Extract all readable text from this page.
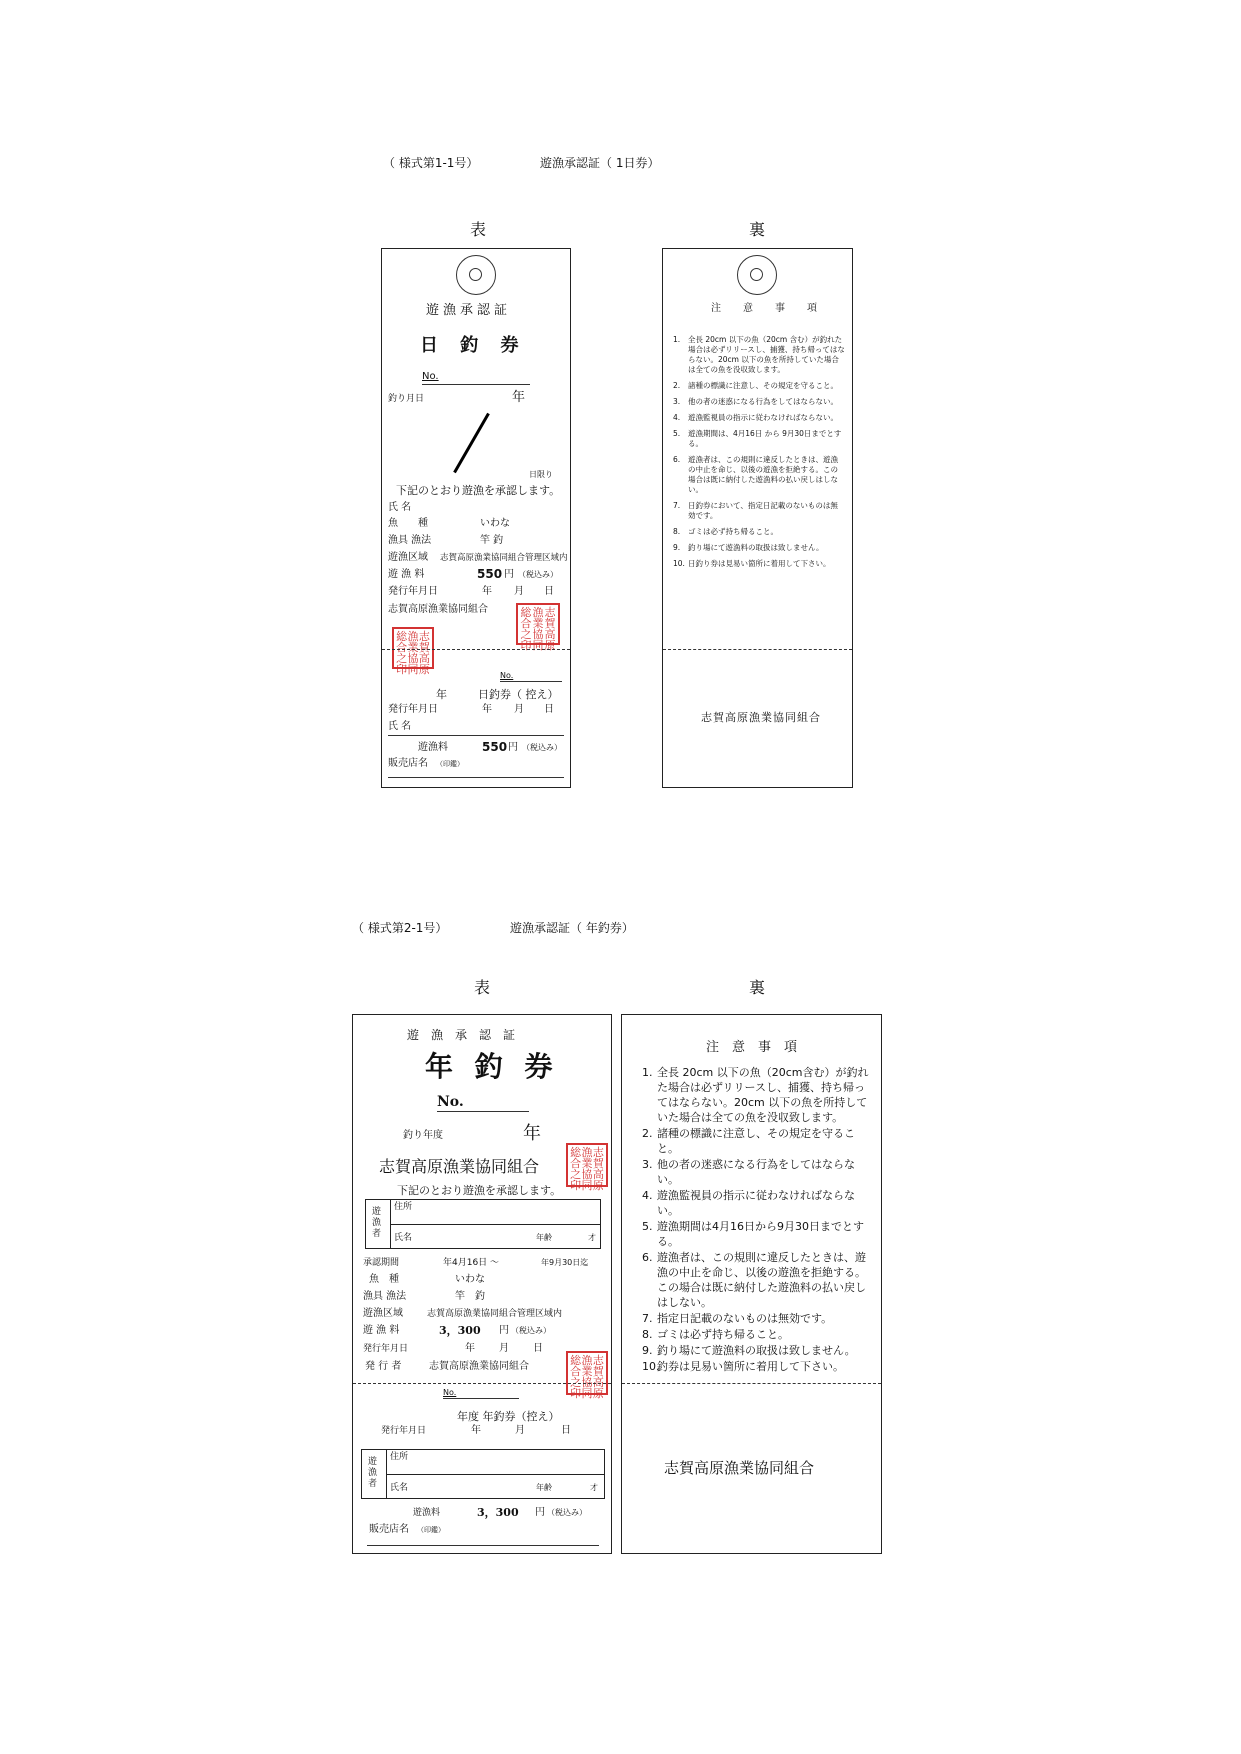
（ 様式第1-1号）	遊漁承認証（ 1日券）
表	裏
遊漁承認証
日 釣 券
No.
釣り月日	年
日限り
下記のとおり遊漁を承認します。
氏 名
魚　　種	いわな
漁具 漁法	竿 釣
遊漁区域 志賀高原漁業協同組合管理区域内
遊 漁 料	550 円 （税込み）
発行年月日	年 月 日
志賀高原漁業協同組合	総 漁 志
合 業 賀
之 協 高
印 同 原
総 漁 志
合 業 賀
之 協 高
印 同 原	No.
年	日釣券（ 控え）
発行年月日	年 月 日
氏 名
遊漁料	550 円 （税込み）
販売店名 （印鑑）
注　意　事　項
1. 全長 20cm 以下の魚（20cm 含む）が釣れた場合は必ずリリースし、捕獲、持ち帰ってはならない。20cm 以下の魚を所持していた場合は全ての魚を没収致します。
2. 諸種の標識に注意し、その規定を守ること。
3. 他の者の迷惑になる行為をしてはならない。
4. 遊漁監視員の指示に従わなければならない。
5. 遊漁期間は、4月16日 から 9月30日までとする。
6. 遊漁者は、この規則に違反したときは、遊漁の中止を命じ、以後の遊漁を拒絶する。この場合は既に納付した遊漁料の払い戻しはしない。
7. 日釣券において、指定日記載のないものは無効です。
8. ゴミは必ず持ち帰ること。
9. 釣り場にて遊漁料の取扱は致しません。
10. 日釣り券は見易い箇所に着用して下さい。
志賀高原漁業協同組合
（ 様式第2-1号）	遊漁承認証（ 年釣券）
表	裏
遊　漁　承　認　証
年 釣 券
No.
釣り年度	年
志賀高原漁業協同組合
総 漁 志
合 業 賀
之 協 高
印 同 原
下記のとおり遊漁を承認します。
遊漁者
住所
氏名	年齢	才
承認期間	年4月16日 〜	年9月30日迄
魚　種	いわな
漁具 漁法	竿　釣
遊漁区域	志賀高原漁業協同組合管理区域内
遊 漁 料	3，300 円 （税込み）
発行年月日	年 月 日
発 行 者	志賀高原漁業協同組合	総 漁 志
合 業 賀
之 協 高
印 同 原
No.
年度 年釣券（控え）
発行年月日	年	月	日
遊漁者
住所
氏名	年齢	才
遊漁料	3，300 円 （税込み）
販売店名 （印鑑）
注　意　事　項
1. 全長 20cm 以下の魚（20cm含む）が釣れた場合は必ずリリースし、捕獲、持ち帰ってはならない。20cm 以下の魚を所持していた場合は全ての魚を没収致します。
2. 諸種の標識に注意し、その規定を守ること。
3. 他の者の迷惑になる行為をしてはならない。
4. 遊漁監視員の指示に従わなければならない。
5. 遊漁期間は4月16日から9月30日までとする。
6. 遊漁者は、この規則に違反したときは、遊漁の中止を命じ、以後の遊漁を拒絶する。この場合は既に納付した遊漁料の払い戻しはしない。
7. 指定日記載のないものは無効です。
8. ゴミは必ず持ち帰ること。
9. 釣り場にて遊漁料の取扱は致しません。
10.
釣券は見易い箇所に着用して下さい。
志賀高原漁業協同組合
